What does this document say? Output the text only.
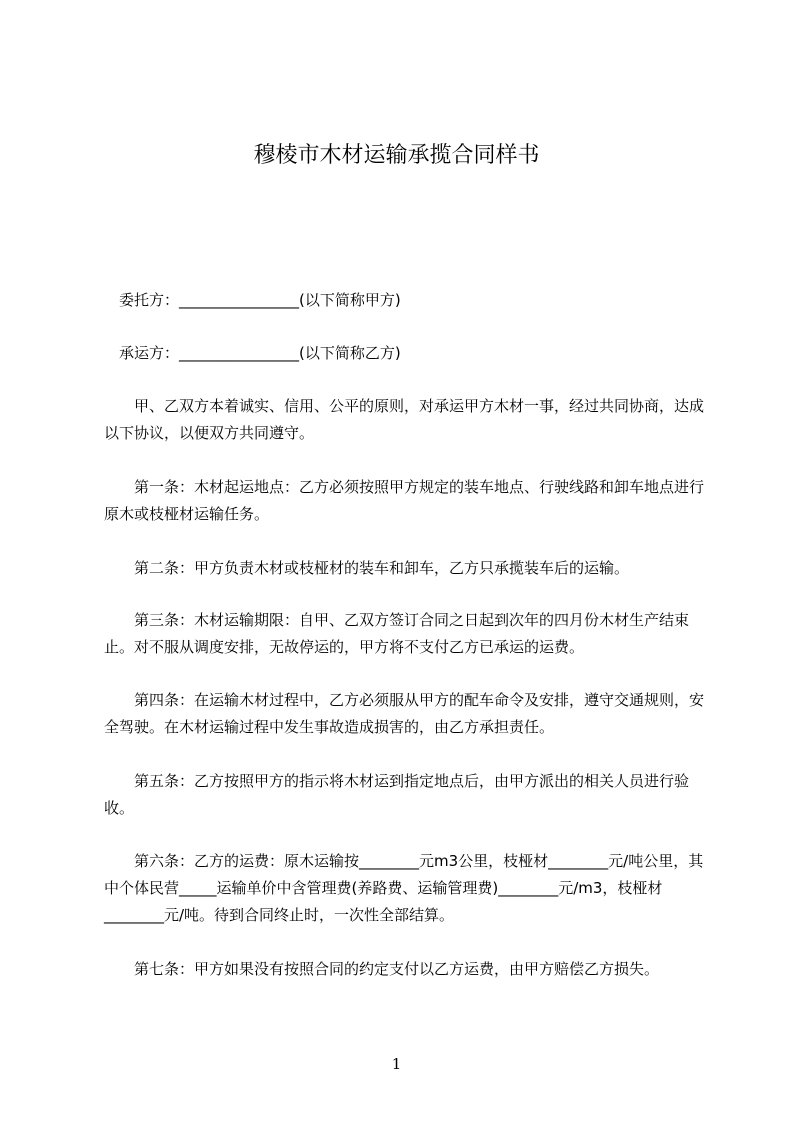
穆棱市木材运输承揽合同样书

　委托方：________________(以下简称甲方)

　承运方：________________(以下简称乙方)

甲、乙双方本着诚实、信用、公平的原则，对承运甲方木材一事，经过共同协商，达成以下协议，以便双方共同遵守。

第一条：木材起运地点：乙方必须按照甲方规定的装车地点、行驶线路和卸车地点进行原木或枝桠材运输任务。

第二条：甲方负责木材或枝桠材的装车和卸车，乙方只承揽装车后的运输。

第三条：木材运输期限：自甲、乙双方签订合同之日起到次年的四月份木材生产结束止。对不服从调度安排，无故停运的，甲方将不支付乙方已承运的运费。

第四条：在运输木材过程中，乙方必须服从甲方的配车命令及安排，遵守交通规则，安全驾驶。在木材运输过程中发生事故造成损害的，由乙方承担责任。

第五条：乙方按照甲方的指示将木材运到指定地点后，由甲方派出的相关人员进行验收。

第六条：乙方的运费：原木运输按________元m3公里，枝桠材________元/吨公里，其中个体民营_____运输单价中含管理费(养路费、运输管理费)________元/m3，枝桠材________元/吨。待到合同终止时，一次性全部结算。

第七条：甲方如果没有按照合同的约定支付以乙方运费，由甲方赔偿乙方损失。

1
